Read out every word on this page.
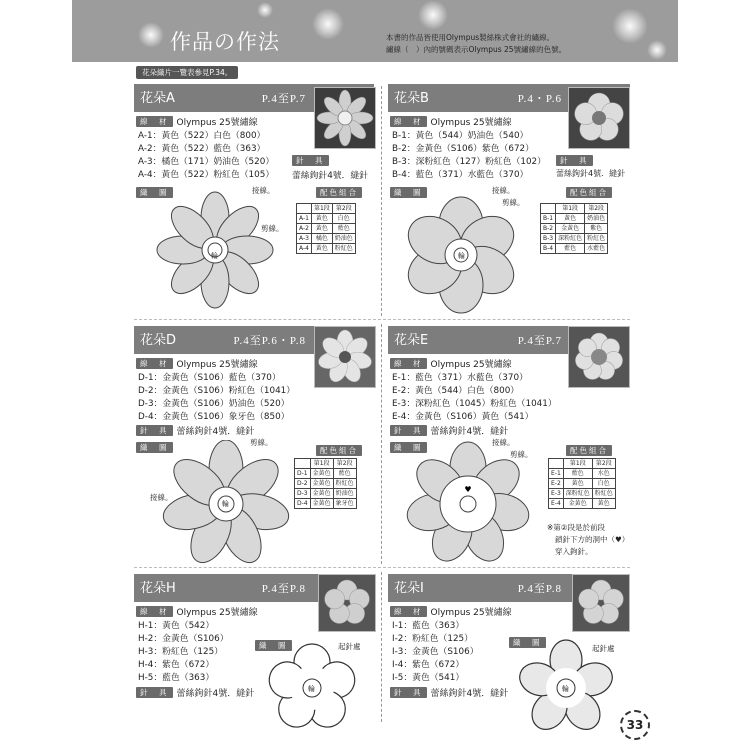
作品の作法	本書的作品皆使用Olympus製絲株式會社的繡線。
繡線（　）內的號碼表示Olympus 25號繡線的色號。
花朵織片一覽表參見P.34。
花朵A	P.4至P.7
線　材 Olympus 25號繡線
A-1：黃色（522）白色（800）
A-2：黃色（522）藍色（363）
A-3：橘色（171）奶油色（520）
A-4：黃色（522）粉紅色（105）
針　具
蕾絲鉤針4號．縫針
織　圖	配色組合
輪
接線。
剪線。
	第1段	第2段
A-1	黃色	白色
A-2	黃色	藍色
A-3	橘色	奶油色
A-4	黃色	粉紅色
花朵B	P.4・P.6
線　材 Olympus 25號繡線
B-1：黃色（544）奶油色（540）
B-2：金黃色（S106）紫色（672）
B-3：深粉紅色（127）粉紅色（102）
B-4：藍色（371）水藍色（370）
針　具
蕾絲鉤針4號．縫針
織　圖	配色組合
輪
接線。
剪線。
	第1段	第2段
B-1	黃色	奶油色
B-2	金黃色	紫色
B-3	深粉紅色	粉紅色
B-4	藍色	水藍色
花朵D	P.4至P.6・P.8
線　材 Olympus 25號繡線
D-1：金黃色（S106）藍色（370）
D-2：金黃色（S106）粉紅色（1041）
D-3：金黃色（S106）奶油色（520）
D-4：金黃色（S106）象牙色（850）
針　具 蕾絲鉤針4號．縫針
織　圖	配色組合
輪
剪線。
接線。
	第1段	第2段
D-1	金黃色	藍色
D-2	金黃色	粉紅色
D-3	金黃色	奶油色
D-4	金黃色	象牙色
花朵E	P.4至P.7
線　材 Olympus 25號繡線
E-1：藍色（371）水藍色（370）
E-2：黃色（544）白色（800）
E-3：深粉紅色（1045）粉紅色（1041）
E-4：金黃色（S106）黃色（541）
針　具 蕾絲鉤針4號．縫針
織　圖	配色組合
♥
接線。
剪線。
	第1段	第2段
E-1	藍色	水色
E-2	黃色	白色
E-3	深粉紅色	粉紅色
E-4	金黃色	黃色
※第②段是於前段
鎖針下方的洞中（♥）
穿入鉤針。
花朵H	P.4至P.8
線　材 Olympus 25號繡線
H-1：黃色（542）
H-2：金黃色（S106）
H-3：粉紅色（125）
H-4：紫色（672）
H-5：藍色（363）
針　具 蕾絲鉤針4號．縫針
織　圖	起針處
輪
花朵I	P.4至P.8
線　材 Olympus 25號繡線
I-1：藍色（363）
I-2：粉紅色（125）
I-3：金黃色（S106）
I-4：紫色（672）
I-5：黃色（541）
針　具 蕾絲鉤針4號．縫針
織　圖
起針處
輪
33
